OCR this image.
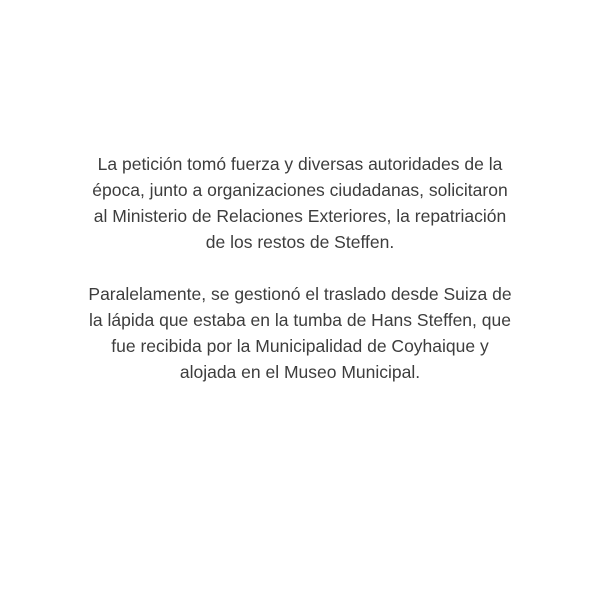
La petición tomó fuerza y diversas autoridades de la
época, junto a organizaciones ciudadanas, solicitaron
al Ministerio de Relaciones Exteriores, la repatriación
de los restos de Steffen.

Paralelamente, se gestionó el traslado desde Suiza de
la lápida que estaba en la tumba de Hans Steffen, que
fue recibida por la Municipalidad de Coyhaique y
alojada en el Museo Municipal.
